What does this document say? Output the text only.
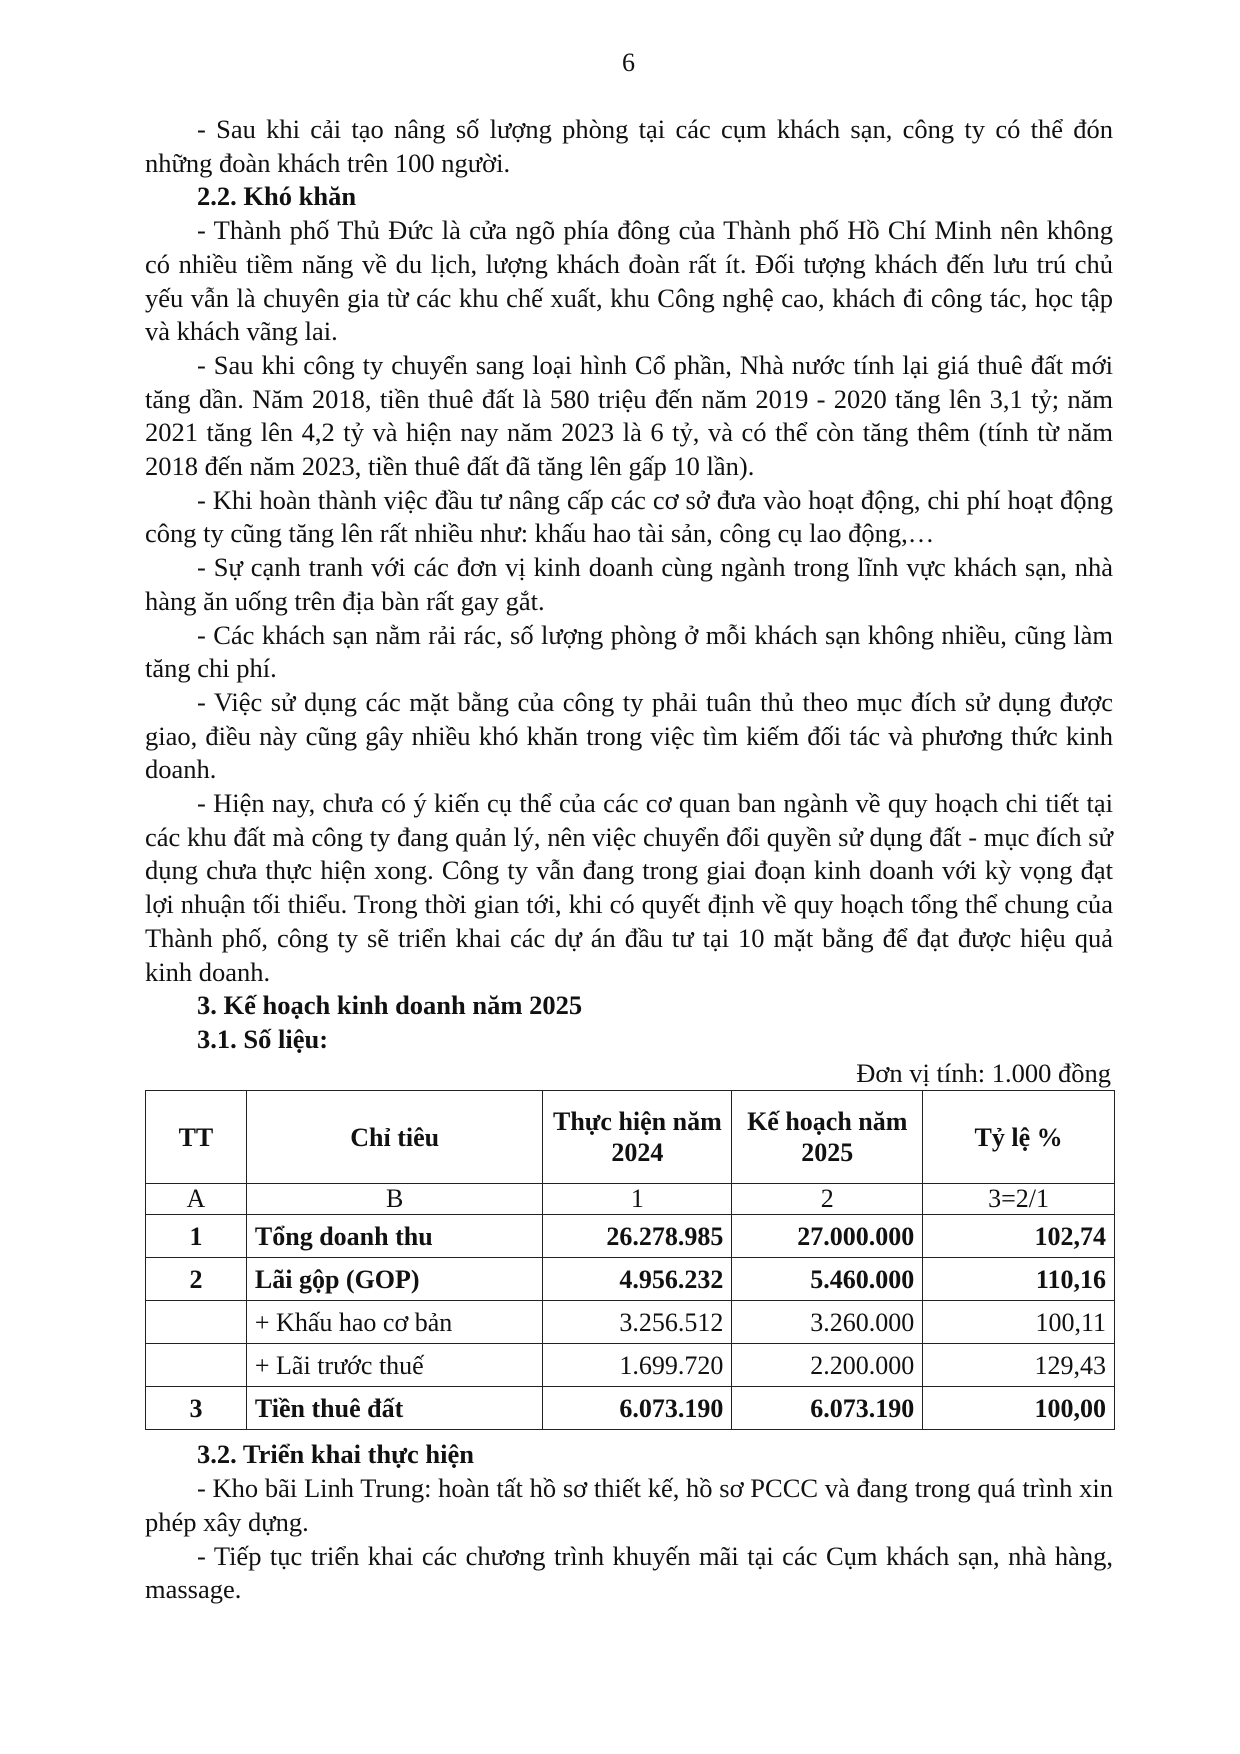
6

- Sau khi cải tạo nâng số lượng phòng tại các cụm khách sạn, công ty có thể đón những đoàn khách trên 100 người.

2.2. Khó khăn

- Thành phố Thủ Đức là cửa ngõ phía đông của Thành phố Hồ Chí Minh nên không có nhiều tiềm năng về du lịch, lượng khách đoàn rất ít. Đối tượng khách đến lưu trú chủ yếu vẫn là chuyên gia từ các khu chế xuất, khu Công nghệ cao, khách đi công tác, học tập và khách vãng lai.

- Sau khi công ty chuyển sang loại hình Cổ phần, Nhà nước tính lại giá thuê đất mới tăng dần. Năm 2018, tiền thuê đất là 580 triệu đến năm 2019 - 2020 tăng lên 3,1 tỷ; năm 2021 tăng lên 4,2 tỷ và hiện nay năm 2023 là 6 tỷ, và có thể còn tăng thêm (tính từ năm 2018 đến năm 2023, tiền thuê đất đã tăng lên gấp 10 lần).

- Khi hoàn thành việc đầu tư nâng cấp các cơ sở đưa vào hoạt động, chi phí hoạt động công ty cũng tăng lên rất nhiều như: khấu hao tài sản, công cụ lao động,…

- Sự cạnh tranh với các đơn vị kinh doanh cùng ngành trong lĩnh vực khách sạn, nhà hàng ăn uống trên địa bàn rất gay gắt.

- Các khách sạn nằm rải rác, số lượng phòng ở mỗi khách sạn không nhiều, cũng làm tăng chi phí.

- Việc sử dụng các mặt bằng của công ty phải tuân thủ theo mục đích sử dụng được giao, điều này cũng gây nhiều khó khăn trong việc tìm kiếm đối tác và phương thức kinh doanh.

- Hiện nay, chưa có ý kiến cụ thể của các cơ quan ban ngành về quy hoạch chi tiết tại các khu đất mà công ty đang quản lý, nên việc chuyển đổi quyền sử dụng đất - mục đích sử dụng chưa thực hiện xong. Công ty vẫn đang trong giai đoạn kinh doanh với kỳ vọng đạt lợi nhuận tối thiểu. Trong thời gian tới, khi có quyết định về quy hoạch tổng thể chung của Thành phố, công ty sẽ triển khai các dự án đầu tư tại 10 mặt bằng để đạt được hiệu quả kinh doanh.

3. Kế hoạch kinh doanh năm 2025
3.1. Số liệu:
Đơn vị tính: 1.000 đồng
TT	Chỉ tiêu	Thực hiện năm 2024	Kế hoạch năm 2025	Tỷ lệ %
A	B	1	2	3=2/1
1	Tổng doanh thu	26.278.985	27.000.000	102,74
2	Lãi gộp (GOP)	4.956.232	5.460.000	110,16
	+ Khấu hao cơ bản	3.256.512	3.260.000	100,11
	+ Lãi trước thuế	1.699.720	2.200.000	129,43
3	Tiền thuê đất	6.073.190	6.073.190	100,00
3.2. Triển khai thực hiện

- Kho bãi Linh Trung: hoàn tất hồ sơ thiết kế, hồ sơ PCCC và đang trong quá trình xin phép xây dựng.

- Tiếp tục triển khai các chương trình khuyến mãi tại các Cụm khách sạn, nhà hàng, massage.
